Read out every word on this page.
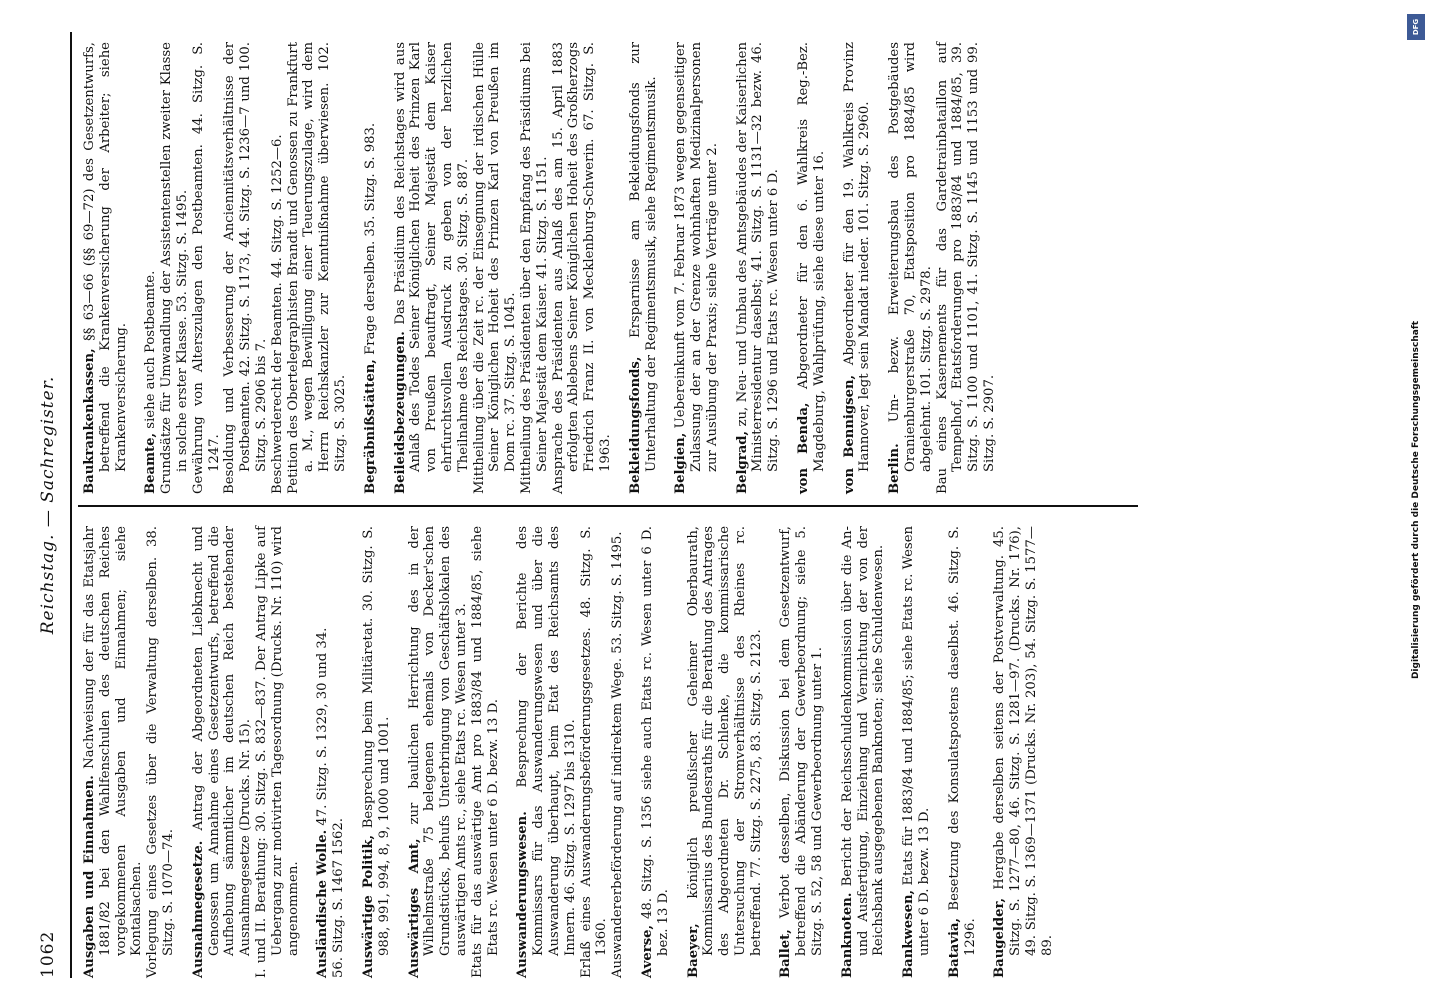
1062
Reichstag. — Sachregister.
Ausgaben und Einnahmen. Nachweisung der für das Etatsjahr 1881/82 bei den Wahlfenschulen des deutschen Reiches vorgekommenen Ausgaben und Einnahmen; siehe Kontalsachen. Vorlegung eines Gesetzes über die Verwaltung derselben. 38. Sitzg. S. 1070—74. Ausnahmegesetze. Antrag der Abgeordneten Liebknecht und Genossen um Annahme eines Gesetzentwurfs, betreffend die Aufhebung sämmtlicher im deutschen Reich bestehender Ausnahmegesetze (Drucks. Nr. 15). I. und II. Berathung: 30. Sitzg. S. 832—837. Der Antrag Lipke auf Uebergang zur motivirten Tagesordnung (Drucks. Nr. 110) wird angenommen. Ausländische Wolle. 47. Sitzg. S. 1329, 30 und 34.
56. Sitzg. S. 1467 1562. Auswärtige Politik, Besprechung beim Militäretat. 30. Sitzg. S. 988, 991, 994, 8, 9, 1000 und 1001. Auswärtiges Amt, zur baulichen Herrichtung des in der Wilhelmstraße 75 belegenen ehemals von Decker'schen Grundstücks, behufs Unterbringung von Geschäftslokalen des auswärtigen Amts rc., siehe Etats rc. Wesen unter 3. Etats für das auswärtige Amt pro 1883/84 und 1884/85, siehe Etats rc. Wesen unter 6 D. bezw. 13 D. Auswanderungswesen. Besprechung der Berichte des Kommissars für das Auswanderungswesen und über die Auswanderung überhaupt, beim Etat des Reichsamts des Innern. 46. Sitzg. S. 1297 bis 1310. Erlaß eines Auswanderungsbeförderungsgesetzes. 48. Sitzg. S. 1360. Auswandererbeförderung auf indirektem Wege. 53. Sitzg. S. 1495. Averse, 48. Sitzg. S. 1356 siehe auch Etats rc. Wesen unter 6 D. bez. 13 D. Baeyer, königlich preußischer Geheimer Oberbaurath, Kommissarius des Bundesraths für die Berathung des Antrages des Abgeordneten Dr. Schlenke, die kommissarische Untersuchung der Stromverhältnisse des Rheines rc. betreffend. 77. Sitzg. S. 2275, 83. Sitzg. S. 2123. Ballet, Verbot desselben, Diskussion bei dem Gesetzentwurf, betreffend die Abänderung der Gewerbeordnung; siehe 5. Sitzg. S. 52, 58 und Gewerbeordnung unter 1. Banknoten. Bericht der Reichsschuldenkommission über die An- und Ausfertigung, Einziehung und Vernichtung der von der Reichsbank ausgegebenen Banknoten; siehe Schuldenwesen. Bankwesen, Etats für 1883/84 und 1884/85; siehe Etats rc. Wesen unter 6 D. bezw. 13 D. Batavia, Besetzung des Konsulatspostens daselbst. 46. Sitzg. S. 1296. Baugelder, Hergabe derselben seitens der Postverwaltung. 45. Sitzg. S. 1277—80, 46. Sitzg. S. 1281—97. (Drucks. Nr. 176), 49. Sitzg. S. 1369—1371 (Drucks. Nr. 203), 54. Sitzg. S. 1577—89.
Baukrankenkassen, §§ 63—66 (§§ 69—72) des Gesetzentwurfs, betreffend die Krankenversicherung der Arbeiter; siehe Krankenversicherung. Beamte, siehe auch Postbeamte. Grundsätze für Umwandlung der Assistentenstellen zweiter Klasse in solche erster Klasse. 53. Sitzg. S. 1495. Gewährung von Alterszulagen den Postbeamten. 44. Sitzg. S. 1247. Besoldung und Verbesserung der Anciennitätsverhältnisse der Postbeamten. 42. Sitzg. S. 1173, 44. Sitzg. S. 1236—7 und 100. Sitzg. S. 2906 bis 7. Beschwerderecht der Beamten. 44. Sitzg. S. 1252—6. Petition des Obertelegraphisten Brandt und Genossen zu Frankfurt a. M., wegen Bewilligung einer Teuerungszulage, wird dem Herrn Reichskanzler zur Kenntnißnahme überwiesen. 102. Sitzg. S. 3025. Begräbnißstätten, Frage derselben. 35. Sitzg. S. 983.
Beileidsbezeugungen. Das Präsidium des Reichstages wird aus Anlaß des Todes Seiner Königlichen Hoheit des Prinzen Karl von Preußen beauftragt, Seiner Majestät dem Kaiser ehrfurchtsvollen Ausdruck zu geben von der herzlichen Theilnahme des Reichstages. 30. Sitzg. S. 887. Mittheilung über die Zeit rc. der Einsegnung der irdischen Hülle Seiner Königlichen Hoheit des Prinzen Karl von Preußen im Dom rc. 37. Sitzg. S. 1045. Mittheilung des Präsidenten über den Empfang des Präsidiums bei Seiner Majestät dem Kaiser. 41. Sitzg. S. 1151. Ansprache des Präsidenten aus Anlaß des am 15. April 1883 erfolgten Ablebens Seiner Königlichen Hoheit des Großherzogs Friedrich Franz II. von Mecklenburg-Schwerin. 67. Sitzg. S. 1963. Bekleidungsfonds, Ersparnisse am Bekleidungsfonds zur Unterhaltung der Regimentsmusik, siehe Regimentsmusik. Belgien, Uebereinkunft vom 7. Februar 1873 wegen gegenseitiger Zulassung der an der Grenze wohnhaften Medizinalpersonen zur Ausübung der Praxis; siehe Verträge unter 2. Belgrad, zu, Neu- und Umbau des Amtsgebäudes der Kaiserlichen Ministerresidentur daselbst; 41. Sitzg. S. 1131—32 bezw. 46. Sitzg. S. 1296 und Etats rc. Wesen unter 6 D. von Benda, Abgeordneter für den 6. Wahlkreis Reg.-Bez. Magdeburg, Wahlprüfung, siehe diese unter 16. von Bennigsen, Abgeordneter für den 19. Wahlkreis Provinz Hannover, legt sein Mandat nieder. 101. Sitzg. S. 2960. Berlin. Um- bezw. Erweiterungsbau des Postgebäudes Oranienburgerstraße 70, Etatsposition pro 1884/85 wird abgelehnt. 101. Sitzg. S. 2978. Bau eines Kasernements für das Gardetrainbataillon auf Tempelhof, Etatsforderungen pro 1883/84 und 1884/85, 39. Sitzg. S. 1100 und 1101, 41. Sitzg. S. 1145 und 1153 und 99. Sitzg. S. 2907.
DFG
Digitalisierung gefördert durch die Deutsche Forschungsgemeinschaft
